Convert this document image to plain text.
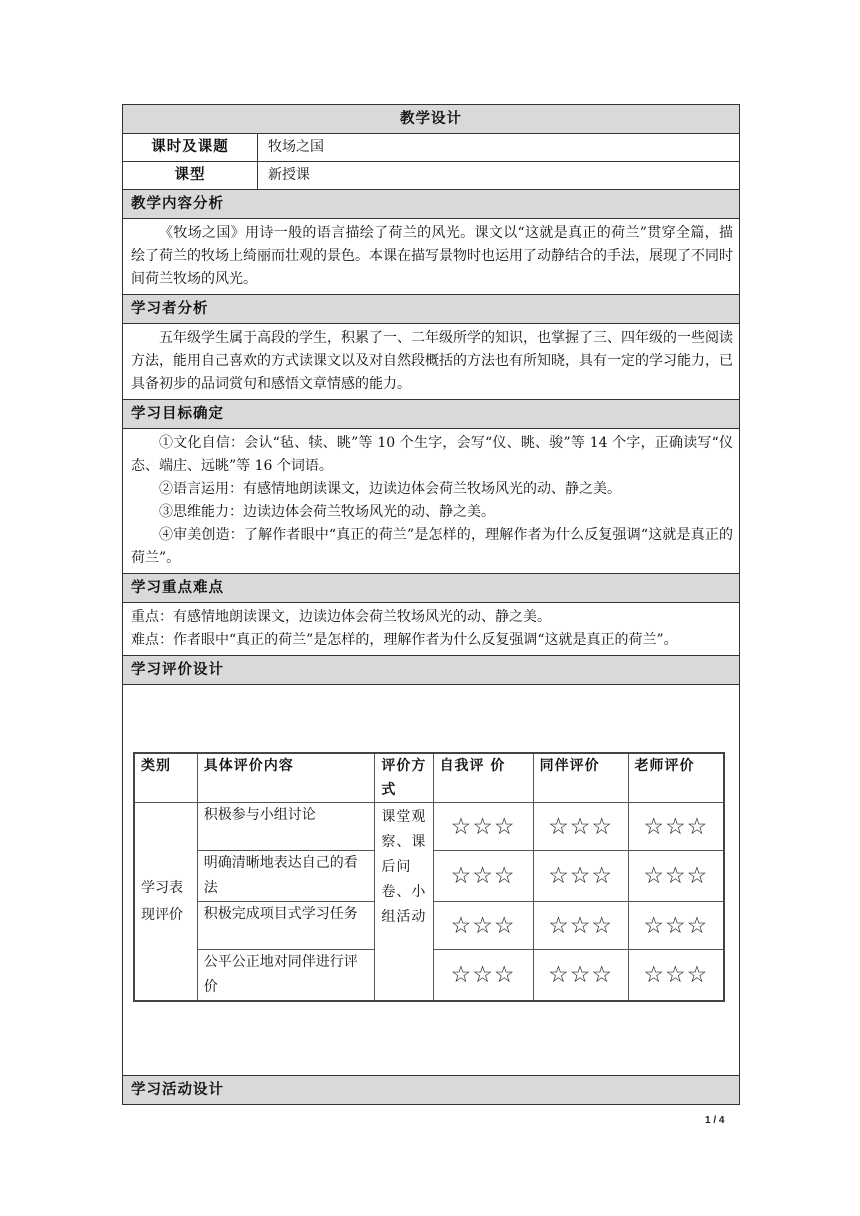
教学设计
课时及课题	牧场之国
课型	新授课
教学内容分析

《牧场之国》用诗一般的语言描绘了荷兰的风光。课文以“这就是真正的荷兰”贯穿全篇，描绘了荷兰的牧场上绮丽而壮观的景色。本课在描写景物时也运用了动静结合的手法，展现了不同时间荷兰牧场的风光。

学习者分析

五年级学生属于高段的学生，积累了一、二年级所学的知识，也掌握了三、四年级的一些阅读方法，能用自己喜欢的方式读课文以及对自然段概括的方法也有所知晓，具有一定的学习能力，已具备初步的品词赏句和感悟文章情感的能力。

学习目标确定

①文化自信：会认“毡、犊、眺”等 10 个生字，会写“仪、眺、骏”等 14 个字，正确读写“仪态、端庄、远眺”等 16 个词语。

②语言运用：有感情地朗读课文，边读边体会荷兰牧场风光的动、静之美。

③思维能力：边读边体会荷兰牧场风光的动、静之美。

④审美创造：了解作者眼中“真正的荷兰”是怎样的，理解作者为什么反复强调“这就是真正的荷兰”。

学习重点难点

重点：有感情地朗读课文，边读边体会荷兰牧场风光的动、静之美。

难点：作者眼中“真正的荷兰”是怎样的，理解作者为什么反复强调“这就是真正的荷兰”。

学习评价设计
类别	具体评价内容	评价方式	自我评 价	同伴评价	老师评价
学习表现评价	积极参与小组讨论	课堂观察、课后问卷、小组活动	☆☆☆	☆☆☆	☆☆☆
	明确清晰地表达自己的看法		☆☆☆	☆☆☆	☆☆☆
	积极完成项目式学习任务		☆☆☆	☆☆☆	☆☆☆
	公平公正地对同伴进行评价		☆☆☆	☆☆☆	☆☆☆
学习活动设计
1 / 4
